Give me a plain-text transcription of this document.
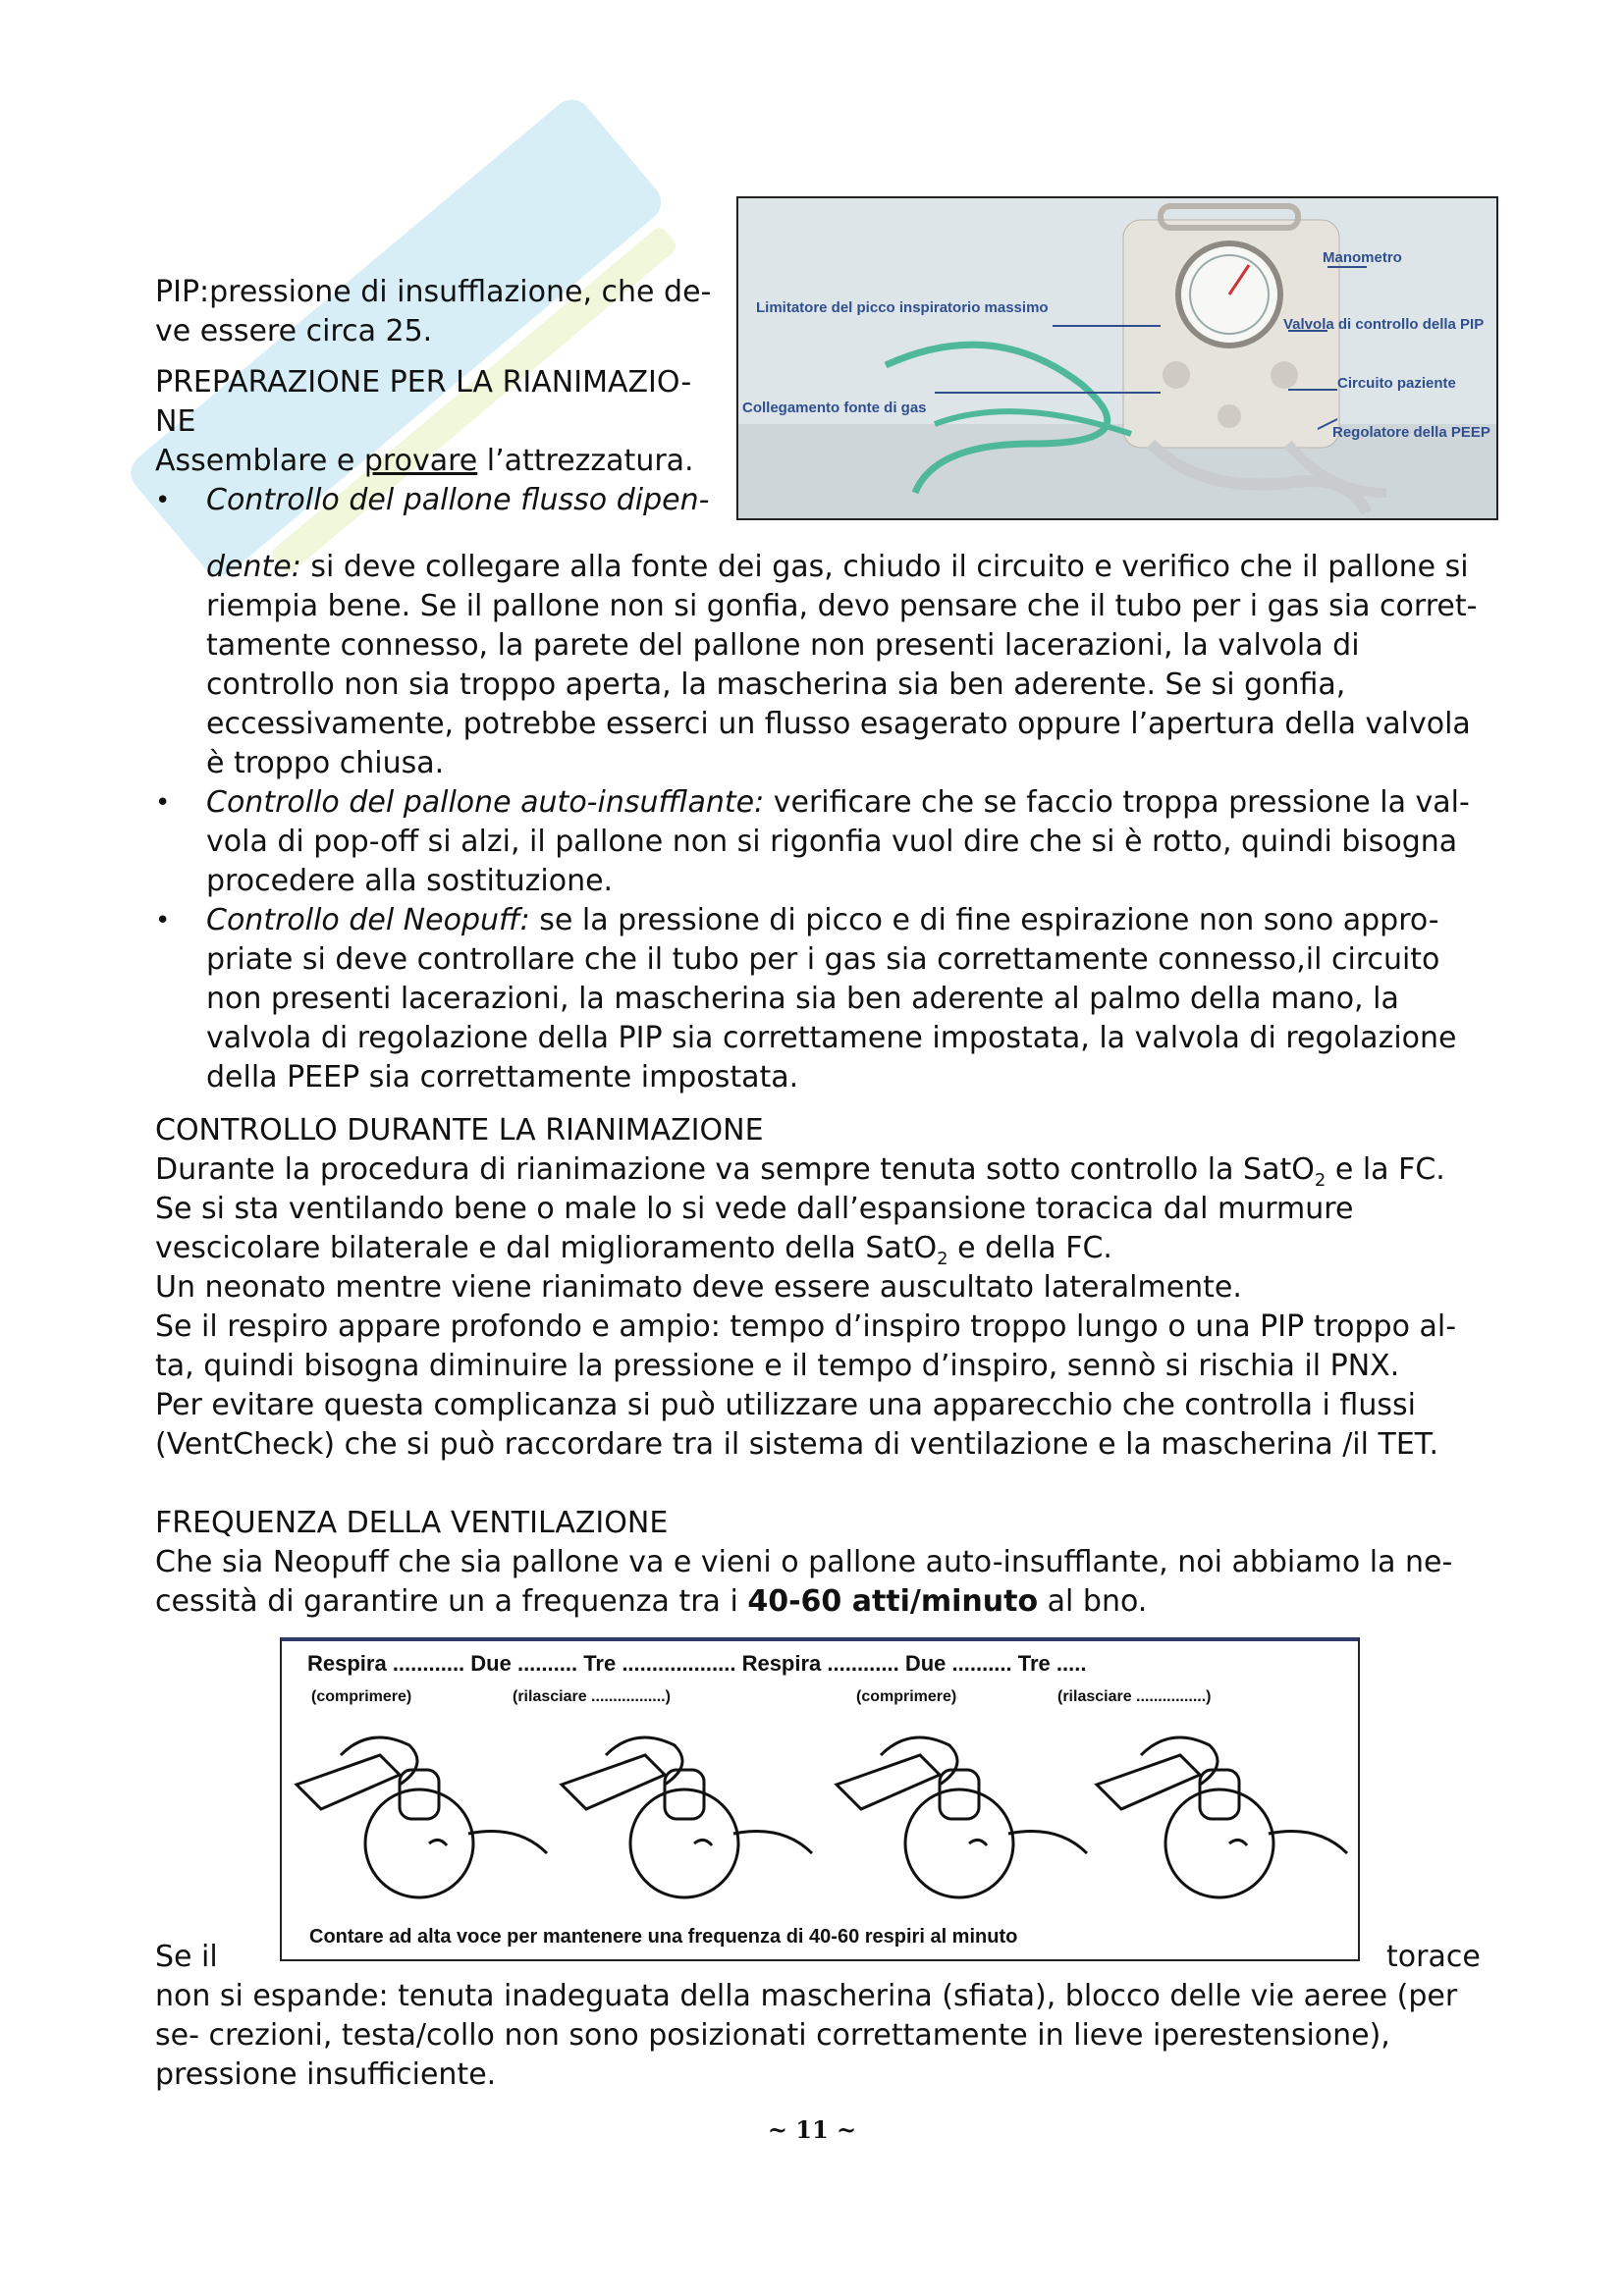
PIP:pressione di insufflazione, che de-

ve essere circa 25.

PREPARAZIONE PER LA RIANIMAZIO-

NE

Assemblare e provare l’attrezzatura.

• Controllo del pallone flusso dipen-

Manometro
Limitatore del picco inspiratorio massimo
Valvola di controllo della PIP
Circuito paziente
Collegamento fonte di gas
Regolatore della PEEP
dente: si deve collegare alla fonte dei gas, chiudo il circuito e verifico che il pallone si riempia bene. Se il pallone non si gonfia, devo pensare che il tubo per i gas sia corret- tamente connesso, la parete del pallone non presenti lacerazioni, la valvola di controllo non sia troppo aperta, la mascherina sia ben aderente. Se si gonfia, eccessivamente, potrebbe esserci un flusso esagerato oppure l’apertura della valvola è troppo chiusa.
• Controllo del pallone auto-insufflante: verificare che se faccio troppa pressione la val- vola di pop-off si alzi, il pallone non si rigonfia vuol dire che si è rotto, quindi bisogna procedere alla sostituzione.
• Controllo del Neopuff: se la pressione di picco e di fine espirazione non sono appro- priate si deve controllare che il tubo per i gas sia correttamente connesso,il circuito non presenti lacerazioni, la mascherina sia ben aderente al palmo della mano, la valvola di regolazione della PIP sia correttamene impostata, la valvola di regolazione della PEEP sia correttamente impostata.

CONTROLLO DURANTE LA RIANIMAZIONE

Durante la procedura di rianimazione va sempre tenuta sotto controllo la SatO$_2$ e la FC. Se si sta ventilando bene o male lo si vede dall’espansione toracica dal murmure vescicolare bilaterale e dal miglioramento della SatO$_2$ e della FC.

Un neonato mentre viene rianimato deve essere auscultato lateralmente.

Se il respiro appare profondo e ampio: tempo d’inspiro troppo lungo o una PIP troppo al- ta, quindi bisogna diminuire la pressione e il tempo d’inspiro, sennò si rischia il PNX.

Per evitare questa complicanza si può utilizzare una apparecchio che controlla i flussi (VentCheck) che si può raccordare tra il sistema di ventilazione e la mascherina /il TET.

FREQUENZA DELLA VENTILAZIONE

Che sia Neopuff che sia pallone va e vieni o pallone auto-insufflante, noi abbiamo la ne- cessità di garantire un a frequenza tra i 40-60 atti/minuto al bno.

Respira ............ Due .......... Tre ................... Respira ............ Due .......... Tre .....
(comprimere)	(rilasciare .................)	(comprimere)	(rilasciare ................)
Contare ad alta voce per mantenere una frequenza di 40-60 respiri al minuto
Se il	torace

non si espande: tenuta inadeguata della mascherina (sfiata), blocco delle vie aeree (per se- crezioni, testa/collo non sono posizionati correttamente in lieve iperestensione), pressione insufficiente.

~ 11 ~
